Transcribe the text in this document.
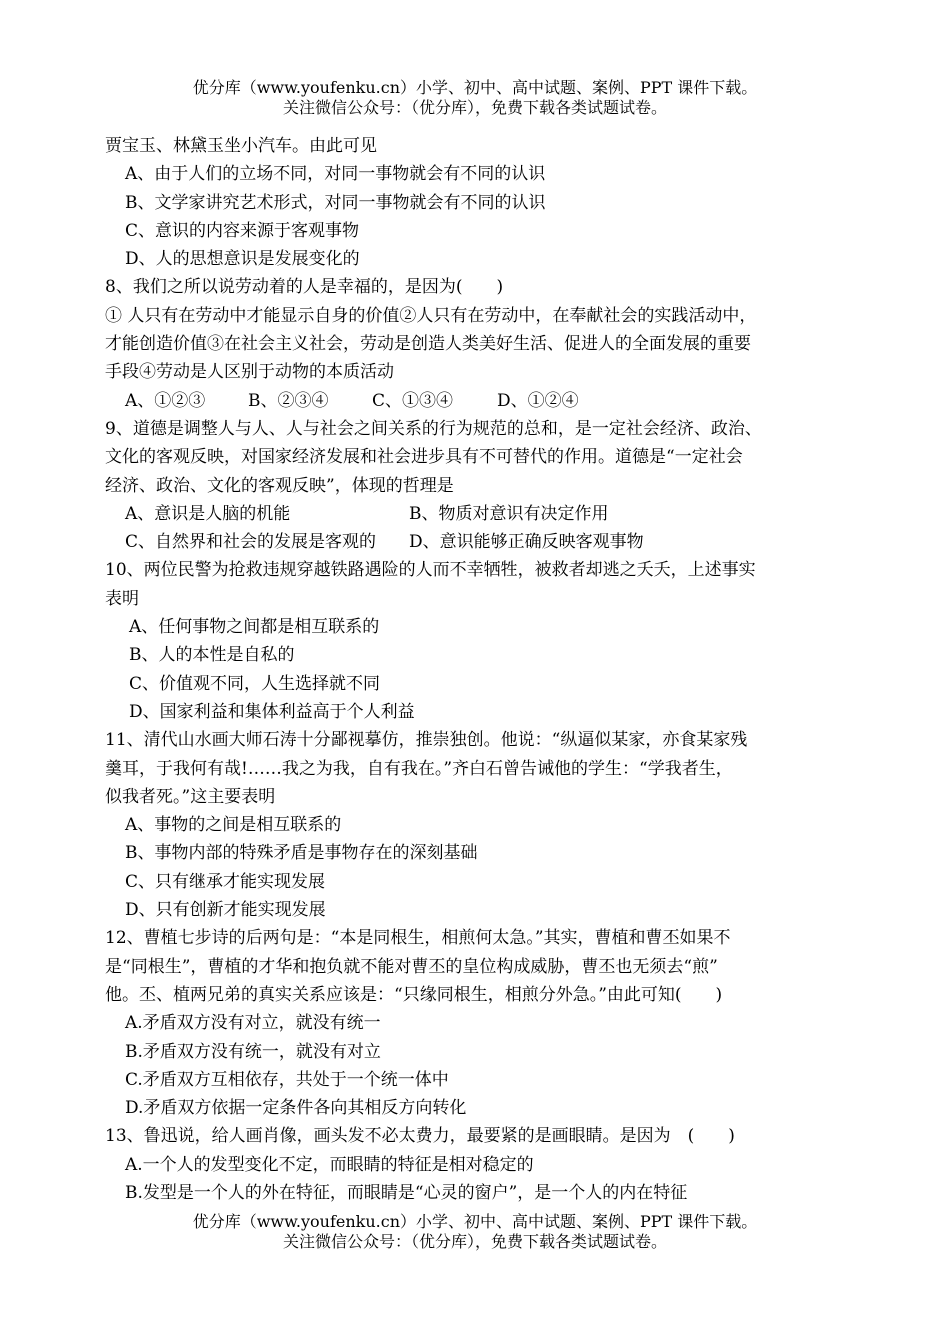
优分库（www.youfenku.cn）小学、初中、高中试题、案例、PPT 课件下载。
关注微信公众号：（优分库），免费下载各类试题试卷。

贾宝玉、林黛玉坐小汽车。由此可见

A、由于人们的立场不同，对同一事物就会有不同的认识

B、文学家讲究艺术形式，对同一事物就会有不同的认识

C、意识的内容来源于客观事物

D、人的思想意识是发展变化的

8、我们之所以说劳动着的人是幸福的，是因为(　　)

① 人只有在劳动中才能显示自身的价值②人只有在劳动中，在奉献社会的实践活动中，

才能创造价值③在社会主义社会，劳动是创造人类美好生活、促进人的全面发展的重要

手段④劳动是人区别于动物的本质活动

A、①②③	B、②③④	C、①③④	D、①②④

9、道德是调整人与人、人与社会之间关系的行为规范的总和，是一定社会经济、政治、

文化的客观反映，对国家经济发展和社会进步具有不可替代的作用。道德是“一定社会

经济、政治、文化的客观反映”，体现的哲理是

A、意识是人脑的机能	B、物质对意识有决定作用

C、自然界和社会的发展是客观的 D、意识能够正确反映客观事物

10、两位民警为抢救违规穿越铁路遇险的人而不幸牺牲，被救者却逃之夭夭，上述事实

表明

A、任何事物之间都是相互联系的

B、人的本性是自私的

C、价值观不同，人生选择就不同

D、国家利益和集体利益高于个人利益

11、清代山水画大师石涛十分鄙视摹仿，推崇独创。他说：“纵逼似某家，亦食某家残

羹耳，于我何有哉!……我之为我，自有我在。”齐白石曾告诫他的学生：“学我者生，

似我者死。”这主要表明

A、事物的之间是相互联系的

B、事物内部的特殊矛盾是事物存在的深刻基础

C、只有继承才能实现发展

D、只有创新才能实现发展

12、曹植七步诗的后两句是：“本是同根生，相煎何太急。”其实，曹植和曹丕如果不

是“同根生”，曹植的才华和抱负就不能对曹丕的皇位构成威胁，曹丕也无须去“煎”

他。丕、植两兄弟的真实关系应该是：“只缘同根生，相煎分外急。”由此可知(　　)

A.矛盾双方没有对立，就没有统一

B.矛盾双方没有统一，就没有对立

C.矛盾双方互相依存，共处于一个统一体中

D.矛盾双方依据一定条件各向其相反方向转化

13、鲁迅说，给人画肖像，画头发不必太费力，最要紧的是画眼睛。是因为　(　　)

A.一个人的发型变化不定，而眼睛的特征是相对稳定的

B.发型是一个人的外在特征，而眼睛是“心灵的窗户”，是一个人的内在特征

优分库（www.youfenku.cn）小学、初中、高中试题、案例、PPT 课件下载。
关注微信公众号：（优分库），免费下载各类试题试卷。
